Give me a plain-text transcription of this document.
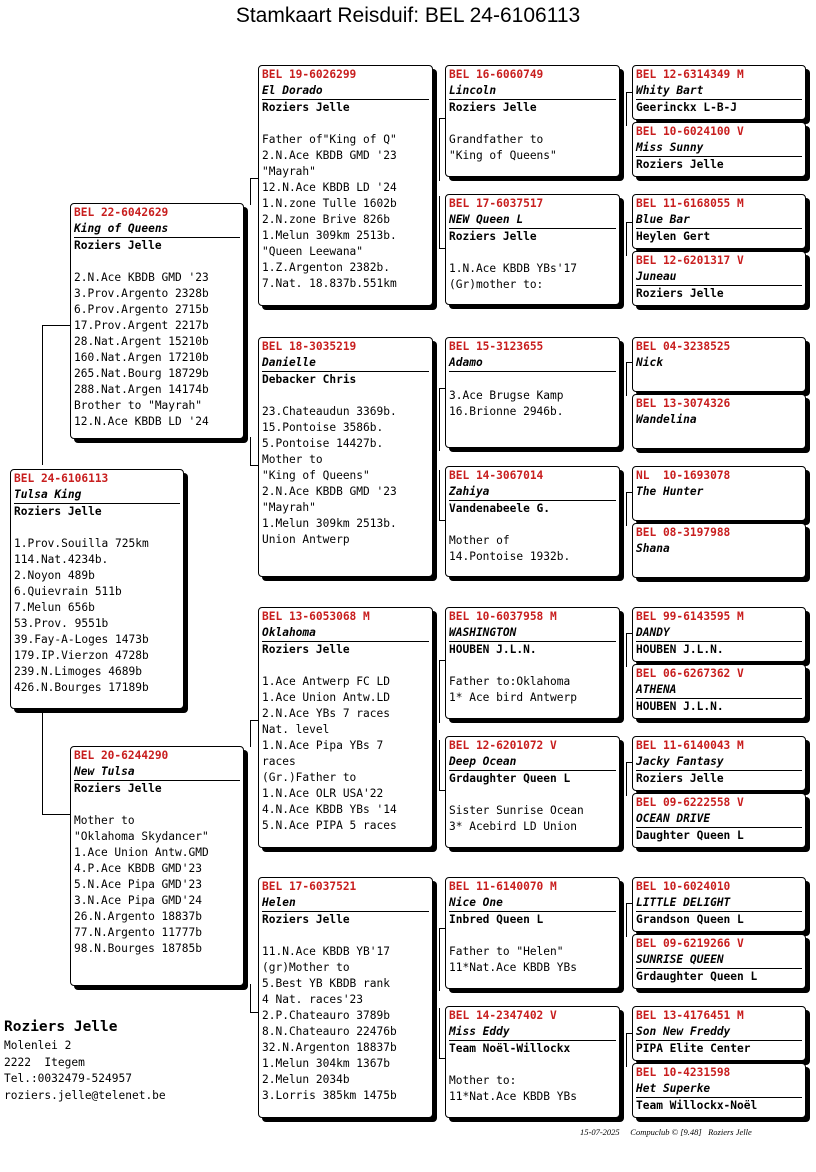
Stamkaart Reisduif: BEL 24-6106113
BEL 24-6106113
Tulsa King
Roziers Jelle
1.Prov.Souilla 725km
114.Nat.4234b.
2.Noyon 489b
6.Quievrain 511b
7.Melun 656b
53.Prov. 9551b
39.Fay-A-Loges 1473b
179.IP.Vierzon 4728b
239.N.Limoges 4689b
426.N.Bourges 17189b
BEL 22-6042629
King of Queens
Roziers Jelle
2.N.Ace KBDB GMD '23
3.Prov.Argento 2328b
6.Prov.Argento 2715b
17.Prov.Argent 2217b
28.Nat.Argent 15210b
160.Nat.Argen 17210b
265.Nat.Bourg 18729b
288.Nat.Argen 14174b
Brother to "Mayrah"
12.N.Ace KBDB LD '24
BEL 20-6244290
New Tulsa
Roziers Jelle
Mother to
"Oklahoma Skydancer"
1.Ace Union Antw.GMD
4.P.Ace KBDB GMD'23
5.N.Ace Pipa GMD'23
3.N.Ace Pipa GMD'24
26.N.Argento 18837b
77.N.Argento 11777b
98.N.Bourges 18785b
BEL 19-6026299
El Dorado
Roziers Jelle
Father of"King of Q"
2.N.Ace KBDB GMD '23
"Mayrah"
12.N.Ace KBDB LD '24
1.N.zone Tulle 1602b
2.N.zone Brive 826b
1.Melun 309km 2513b.
"Queen Leewana"
1.Z.Argenton 2382b.
7.Nat. 18.837b.551km
BEL 18-3035219
Danielle
Debacker Chris
23.Chateaudun 3369b.
15.Pontoise 3586b.
5.Pontoise 14427b.
Mother to
"King of Queens"
2.N.Ace KBDB GMD '23
"Mayrah"
1.Melun 309km 2513b.
Union Antwerp
BEL 13-6053068 M
Oklahoma
Roziers Jelle
1.Ace Antwerp FC LD
1.Ace Union Antw.LD
2.N.Ace YBs 7 races
Nat. level
1.N.Ace Pipa YBs 7
races
(Gr.)Father to
1.N.Ace OLR USA'22
4.N.Ace KBDB YBs '14
5.N.Ace PIPA 5 races
BEL 17-6037521
Helen
Roziers Jelle
11.N.Ace KBDB YB'17
(gr)Mother to
5.Best YB KBDB rank
4 Nat. races'23
2.P.Chateauro 3789b
8.N.Chateauro 22476b
32.N.Argenton 18837b
1.Melun 304km 1367b
2.Melun 2034b
3.Lorris 385km 1475b
BEL 16-6060749
Lincoln
Roziers Jelle
Grandfather to
"King of Queens"
BEL 17-6037517
NEW Queen L
Roziers Jelle
1.N.Ace KBDB YBs'17
(Gr)mother to:
BEL 15-3123655
Adamo
3.Ace Brugse Kamp
16.Brionne 2946b.
BEL 14-3067014
Zahiya
Vandenabeele G.
Mother of
14.Pontoise 1932b.
BEL 10-6037958 M
WASHINGTON
HOUBEN J.L.N.
Father to:Oklahoma
1* Ace bird Antwerp
BEL 12-6201072 V
Deep Ocean
Grdaughter Queen L
Sister Sunrise Ocean
3* Acebird LD Union
BEL 11-6140070 M
Nice One
Inbred Queen L
Father to "Helen"
11*Nat.Ace KBDB YBs
BEL 14-2347402 V
Miss Eddy
Team Noël-Willockx
Mother to:
11*Nat.Ace KBDB YBs
BEL 12-6314349 M
Whity Bart
Geerinckx L-B-J
BEL 10-6024100 V
Miss Sunny
Roziers Jelle
BEL 11-6168055 M
Blue Bar
Heylen Gert
BEL 12-6201317 V
Juneau
Roziers Jelle
BEL 04-3238525
Nick
BEL 13-3074326
Wandelina
NL  10-1693078
The Hunter
BEL 08-3197988
Shana
BEL 99-6143595 M
DANDY
HOUBEN J.L.N.
BEL 06-6267362 V
ATHENA
HOUBEN J.L.N.
BEL 11-6140043 M
Jacky Fantasy
Roziers Jelle
BEL 09-6222558 V
OCEAN DRIVE
Daughter Queen L
BEL 10-6024010
LITTLE DELIGHT
Grandson Queen L
BEL 09-6219266 V
SUNRISE QUEEN
Grdaughter Queen L
BEL 13-4176451 M
Son New Freddy
PIPA Elite Center
BEL 10-4231598
Het Superke
Team Willockx-Noël
Roziers Jelle
Molenlei 2
2222  Itegem
Tel.:0032479-524957
roziers.jelle@telenet.be
15-07-2025 Compuclub © [9.48] Roziers Jelle
